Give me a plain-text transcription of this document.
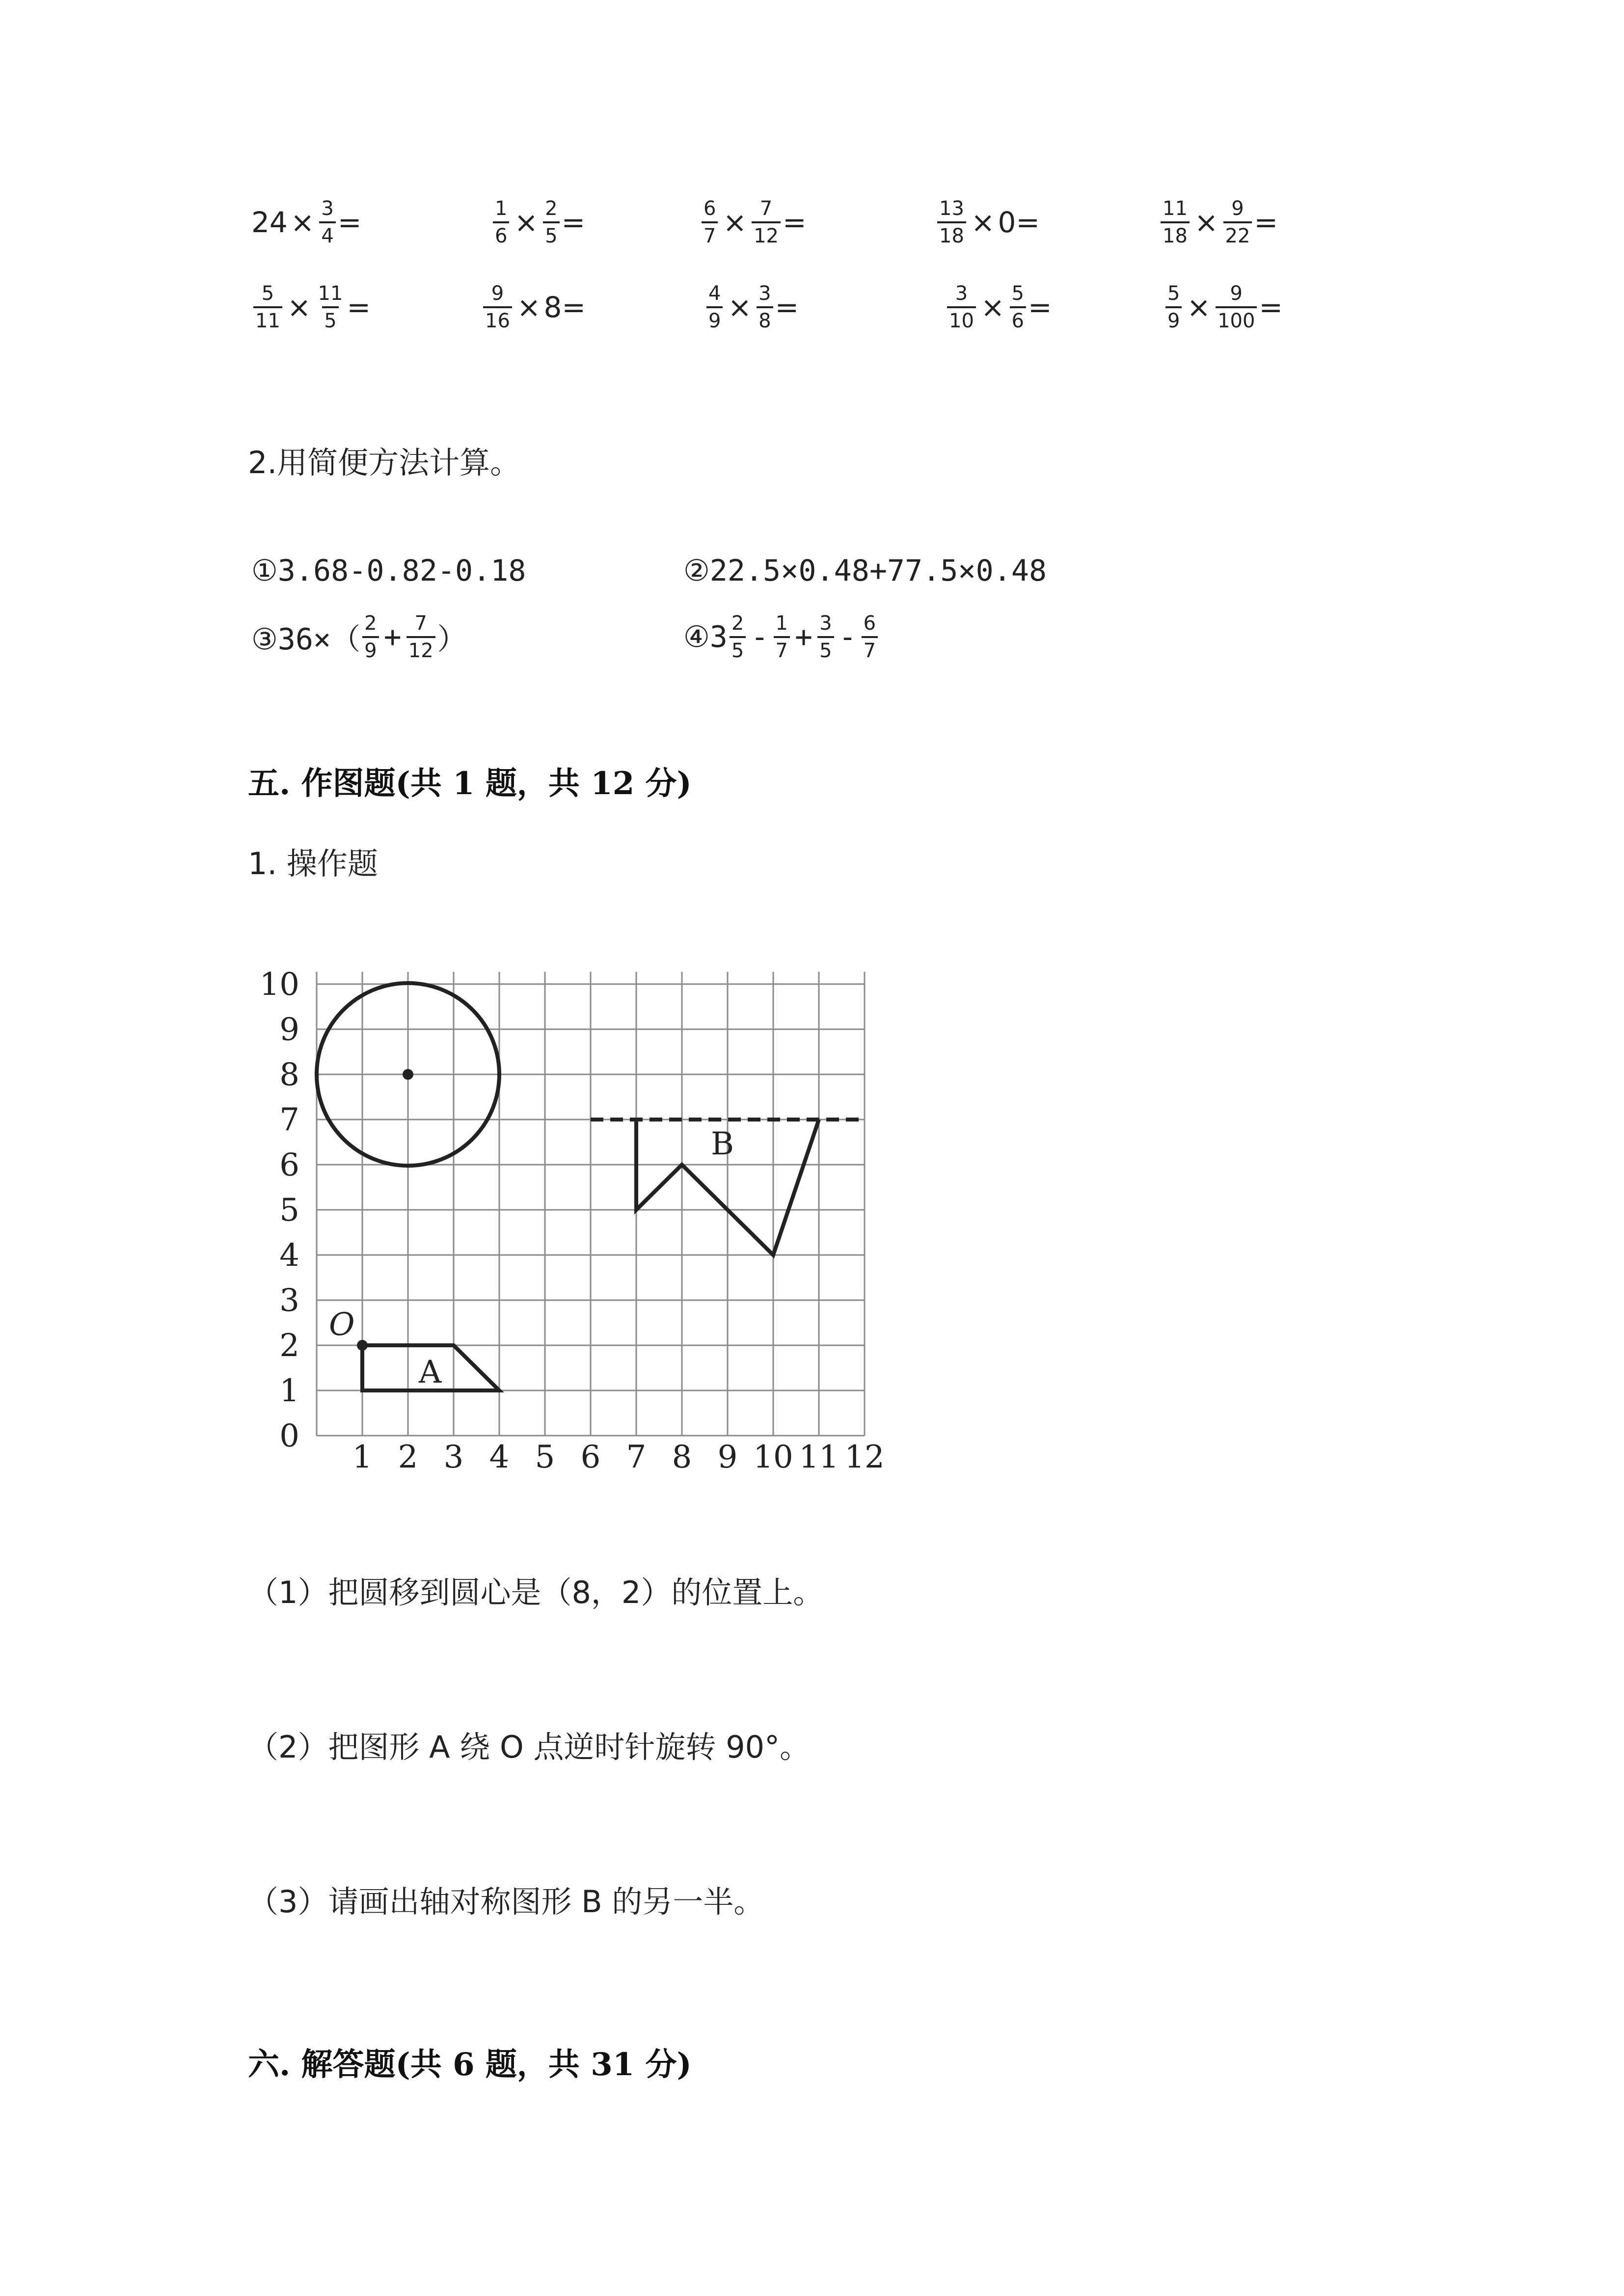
$24 \times \frac{3}{4}$ =	$\frac{1}{6} \times \frac{2}{5}$ =	$\frac{6}{7} \times \frac{7}{12}$ =	$\frac{13}{18} \times 0$ =	$\frac{11}{18} \times \frac{9}{22}$ =
$\frac{5}{11} \times \frac{11}{5}$ =	$\frac{9}{16} \times 8$ =	$\frac{4}{9} \times \frac{3}{8}$ =	$\frac{3}{10} \times \frac{5}{6}$ =	$\frac{5}{9} \times \frac{9}{100}$ =
2.用简便方法计算。
①3.68-0.82-0.18	②22.5×0.48+77.5×0.48
③36×（ $\frac{2}{9} + \frac{7}{12}$ ）	④3 $\frac{2}{5} - \frac{1}{7} + \frac{3}{5} - \frac{6}{7}$
五. 作图题(共 1 题，共 12 分)
1. 操作题
0
1
2
3
4
5
6
7
8
9
10
1 2 3 4 5 6 7 8 9 10 11 12
B
A
O
（1）把圆移到圆心是（8，2）的位置上。
（2）把图形 A 绕 O 点逆时针旋转 90°。
（3）请画出轴对称图形 B 的另一半。
六. 解答题(共 6 题，共 31 分)
